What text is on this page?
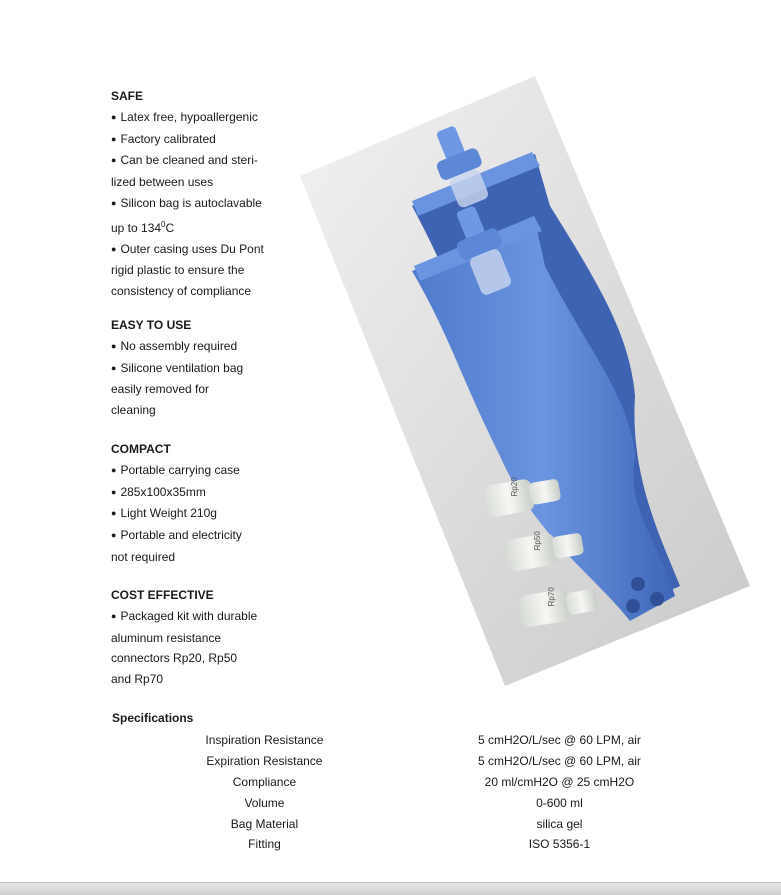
SAFE

● Latex free, hypoallergenic

● Factory calibrated

● Can be cleaned and steri-

lized between uses

● Silicon bag is autoclavable

up to $134^0C$

● Outer casing uses Du Pont

rigid plastic to ensure the

consistency of compliance

EASY TO USE

● No assembly required

● Silicone ventilation bag

easily removed for

cleaning

COMPACT

● Portable carrying case

● 285x100x35mm

● Light Weight 210g

● Portable and electricity

not required

COST EFFECTIVE

● Packaged kit with durable

aluminum resistance

connectors Rp20, Rp50

and Rp70

Rp20
Rp50
Rp70
Specifications
Inspiration Resistance	5 cmH2O/L/sec @ 60 LPM, air
Expiration Resistance	5 cmH2O/L/sec @ 60 LPM, air
Compliance	20 ml/cmH2O @ 25 cmH2O
Volume	0-600 ml
Bag Material	silica gel
Fitting	ISO 5356-1
